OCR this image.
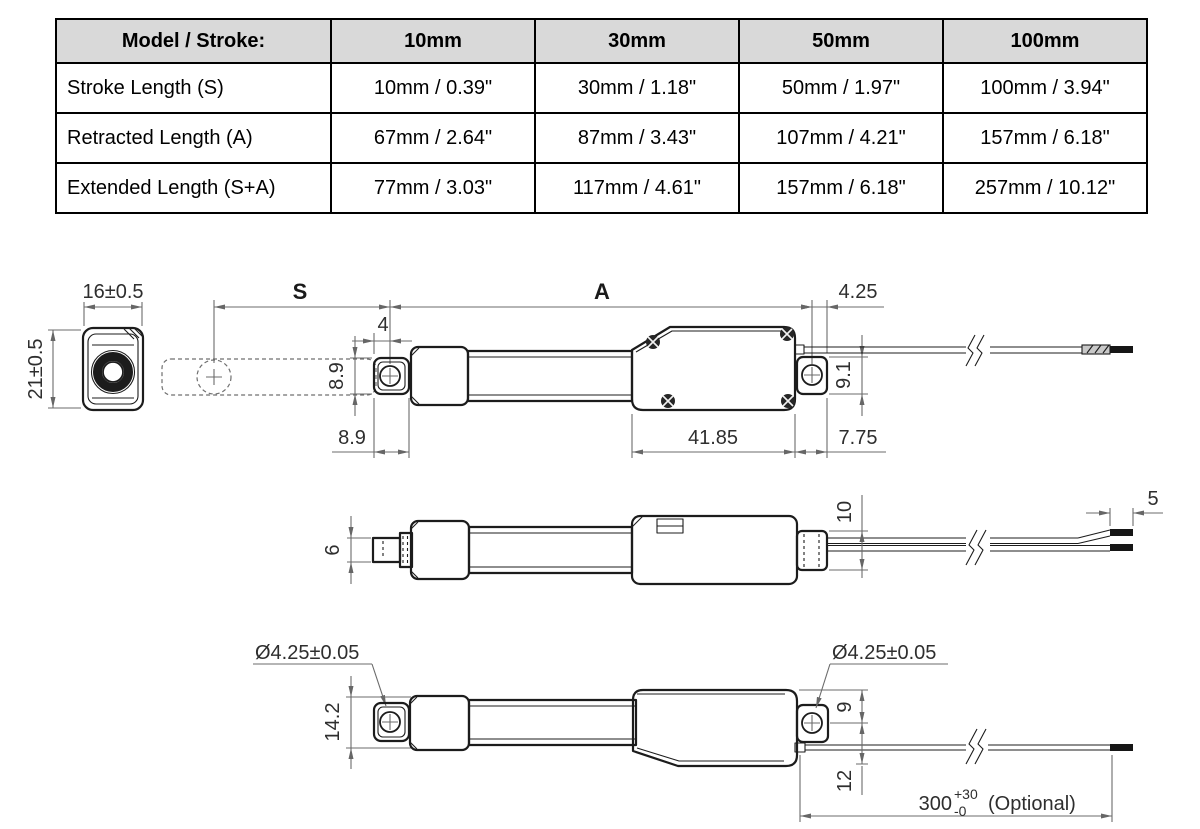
Model / Stroke:	10mm	30mm	50mm	100mm
Stroke Length (S)	10mm / 0.39"	30mm / 1.18"	50mm / 1.97"	100mm / 3.94"
Retracted Length (A)	67mm / 2.64"	87mm / 3.43"	107mm / 4.21"	157mm / 6.18"
Extended Length (S+A)	77mm / 3.03"	117mm / 4.61"	157mm / 6.18"	257mm / 10.12"
16±0.5
21±0.5
S	A	4.25
4
8.9
8.9	41.85	7.75
9.1
6
10
5
Ø4.25±0.05
14.2
Ø4.25±0.05
9
12
300 +30
-0 (Optional)
